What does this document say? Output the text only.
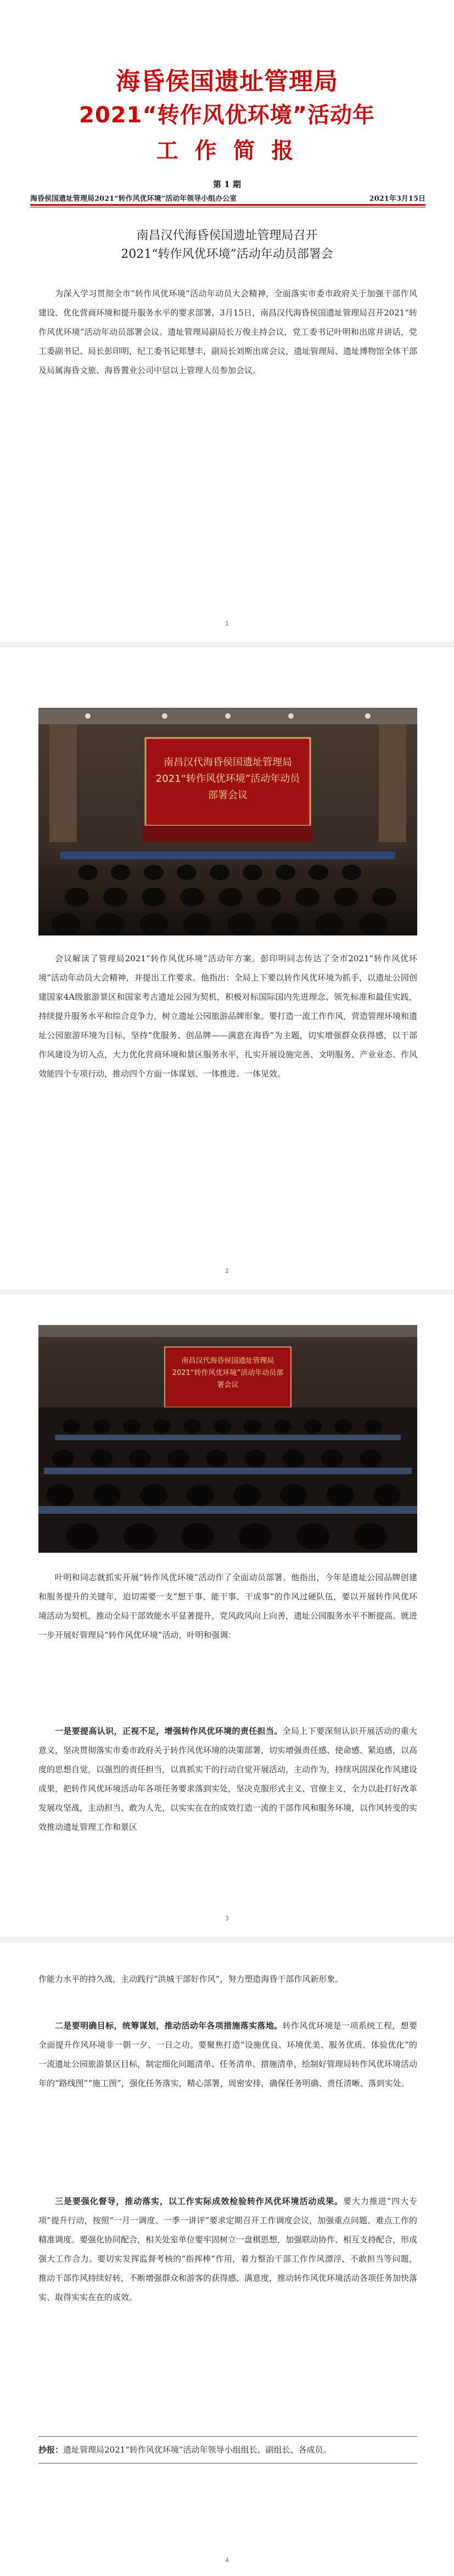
海昏侯国遗址管理局
2021“转作风优环境”活动年
工 作 简 报
第 1 期
海昏侯国遗址管理局2021“转作风优环境”活动年领导小组办公室	2021年3月15日
南昌汉代海昏侯国遗址管理局召开
2021“转作风优环境”活动年动员部署会

为深入学习贯彻全市“转作风优环境”活动年动员大会精神，全面落实市委市政府关于加强干部作风建设、优化营商环境和提升服务水平的要求部署，3月15日，南昌汉代海昏侯国遗址管理局召开2021“转作风优环境”活动年动员部署会议。遗址管理局副局长万俊主持会议，党工委书记叶明和出席并讲话，党工委副书记、局长彭印明，纪工委书记郑慧丰，副局长刘斯出席会议，遗址管理局、遗址博物馆全体干部及局属海昏文旅、海昏置业公司中层以上管理人员参加会议。

1
南昌汉代海昏侯国遗址管理局2021“转作风优环境”活动年动员部署会议

会议解读了管理局2021“转作风优环境”活动年方案。彭印明同志传达了全市2021“转作风优环境”活动年动员大会精神，并提出工作要求。他指出：全局上下要以转作风优环境为抓手，以遗址公园创建国家4A级旅游景区和国家考古遗址公园为契机，积极对标国际国内先进理念、领先标准和最佳实践，持续提升服务水平和综合竞争力，树立遗址公园旅游品牌形象。要打造一流工作作风，营造管理环境和遗址公园旅游环境为目标，坚持“优服务、创品牌——满意在海昏”为主题，切实增强群众获得感，以干部作风建设为切入点，大力优化营商环境和景区服务水平，扎实开展设施完善、文明服务、产业业态、作风效能四个专项行动，推动四个方面一体谋划、一体推进、一体见效。

2
南昌汉代海昏侯国遗址管理局2021“转作风优环境”活动年动员部署会议

叶明和同志就抓实开展“转作风优环境”活动作了全面动员部署。他指出，今年是遗址公园品牌创建和服务提升的关键年，迫切需要一支“想干事、能干事、干成事”的作风过硬队伍，要以开展转作风优环境活动为契机，推动全局干部效能水平显著提升，党风政风向上向善，遗址公园服务水平不断提高。就进一步开展好管理局“转作风优环境”活动，叶明和强调：

一是要提高认识，正视不足，增强转作风优环境的责任担当。全局上下要深刻认识开展活动的重大意义，坚决贯彻落实市委市政府关于转作风优环境的决策部署，切实增强责任感、使命感、紧迫感，以高度的思想自觉，以强烈的责任担当，以真抓实干的行动自觉开展活动，主动作为，持续巩固深化作风建设成果，把转作风优环境活动年各项任务要求落到实处，坚决克服形式主义、官僚主义，全力以赴打好改革发展攻坚战，主动担当、敢为人先，以实实在在的成效打造一流的干部作风和服务环境，以作风转变的实效推动遗址管理工作和景区

3

作能力水平的持久战，主动践行“洪城干部好作风”，努力塑造海昏干部作风新形象。

二是要明确目标，统筹谋划，推动活动年各项措施落实落地。转作风优环境是一项系统工程，想要全面提升作风环境非一朝一夕、一日之功。要聚焦打造“设施优良、环境优美、服务优质、体验优化”的一流遗址公园旅游景区目标，制定细化问题清单、任务清单、措施清单，绘制好管理局转作风优环境活动年的“路线图”“施工图”，强化任务落实，精心部署，周密安排，确保任务明确、责任清晰、落到实处。

三是要强化督导，推动落实，以工作实际成效检验转作风优环境活动成果。要大力推进“四大专项”提升行动，按照“一月一调度、一季一讲评”要求定期召开工作调度会议，加强重点问题、难点工作的精准调度。要强化协同配合，相关处室单位要牢固树立一盘棋思想，加强联动协作、相互支持配合，形成强大工作合力。要切实发挥监督考核的“指挥棒”作用，着力整治干部工作作风漂浮、不敢担当等问题，推动干部作风持续好转，不断增强群众和游客的获得感、满意度，推动转作风优环境活动各项任务加快落实、取得实实在在的成效。

抄报：遗址管理局2021“转作风优环境”活动年领导小组组长、副组长、各成员。
4
